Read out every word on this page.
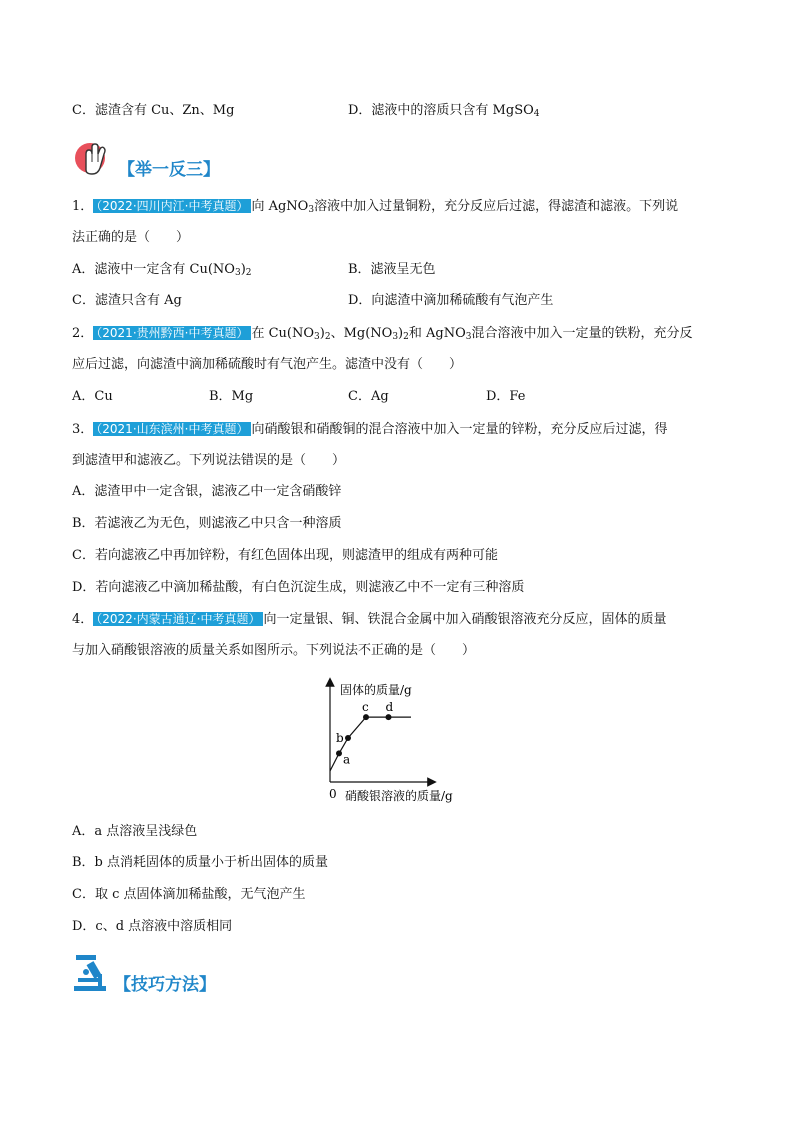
C．滤渣含有 Cu、Zn、Mg	D．滤液中的溶质只含有 MgSO$_4$
【举一反三】
1． （2022·四川内江·中考真题） 向 AgNO$_3$溶液中加入过量铜粉，充分反应后过滤，得滤渣和滤液。下列说
法正确的是（　　）
A．滤液中一定含有 $Cu(NO_3)_2$	B．滤液呈无色
C．滤渣只含有 Ag	D．向滤渣中滴加稀硫酸有气泡产生
2． （2021·贵州黔西·中考真题） 在 $Cu(NO_3)_2$、$Mg(NO_3)_2$和 AgNO$_3$混合溶液中加入一定量的铁粉，充分反
应后过滤，向滤渣中滴加稀硫酸时有气泡产生。滤渣中没有（　　）
A．Cu	B．Mg	C．Ag	D．Fe
3． （2021·山东滨州·中考真题） 向硝酸银和硝酸铜的混合溶液中加入一定量的锌粉，充分反应后过滤，得
到滤渣甲和滤液乙。下列说法错误的是（　　）
A．滤渣甲中一定含银，滤液乙中一定含硝酸锌
B．若滤液乙为无色，则滤液乙中只含一种溶质
C．若向滤液乙中再加锌粉，有红色固体出现，则滤渣甲的组成有两种可能
D．若向滤液乙中滴加稀盐酸，有白色沉淀生成，则滤液乙中不一定有三种溶质
4． （2022·内蒙古通辽·中考真题） 向一定量银、铜、铁混合金属中加入硝酸银溶液充分反应，固体的质量
与加入硝酸银溶液的质量关系如图所示。下列说法不正确的是（　　）
固体的质量/g
0 硝酸银溶液的质量/g
a
b
c d
A．a 点溶液呈浅绿色
B．b 点消耗固体的质量小于析出固体的质量
C．取 c 点固体滴加稀盐酸，无气泡产生
D．c、d 点溶液中溶质相同
【技巧方法】
